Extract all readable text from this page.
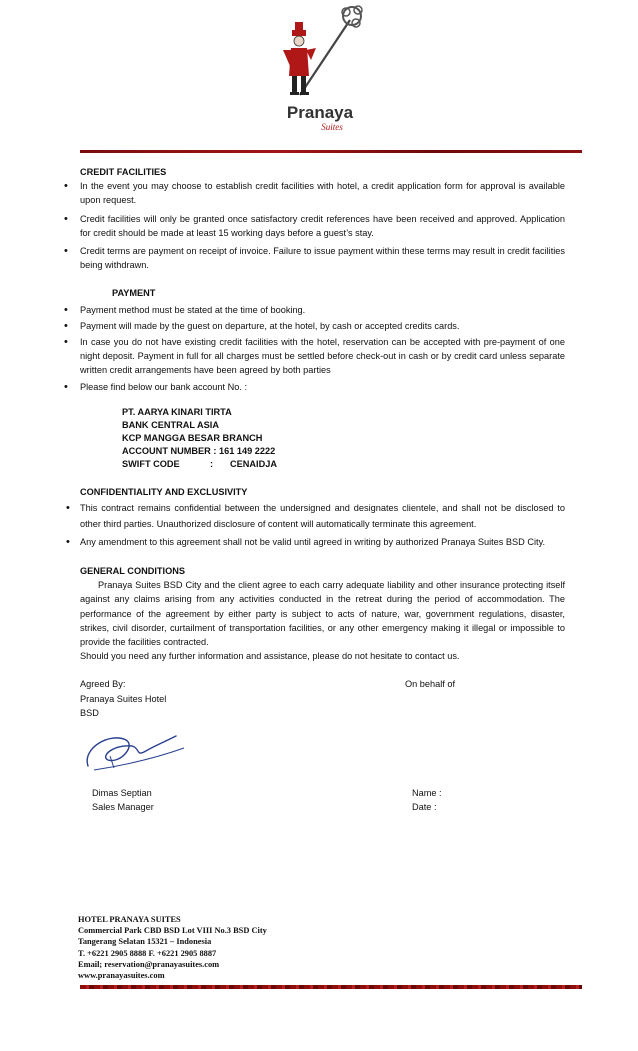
Pranaya
Suites
CREDIT FACILITIES
• In the event you may choose to establish credit facilities with hotel, a credit application form for approval is available upon request.
• Credit facilities will only be granted once satisfactory credit references have been received and approved. Application for credit should be made at least 15 working days before a guest’s stay.
• Credit terms are payment on receipt of invoice. Failure to issue payment within these terms may result in credit facilities being withdrawn.
PAYMENT
• Payment method must be stated at the time of booking.
• Payment will made by the guest on departure, at the hotel, by cash or accepted credits cards.
• In case you do not have existing credit facilities with the hotel, reservation can be accepted with pre-payment of one night deposit. Payment in full for all charges must be settled before check-out in cash or by credit card unless separate written credit arrangements have been agreed by both parties
• Please find below our bank account No. :
PT. AARYA KINARI TIRTA
BANK CENTRAL ASIA
KCP MANGGA BESAR BRANCH
ACCOUNT NUMBER : 161 149 2222
SWIFT CODE	: CENAIDJA
CONFIDENTIALITY AND EXCLUSIVITY
• This contract remains confidential between the undersigned and designates clientele, and shall not be disclosed to other third parties. Unauthorized disclosure of content will automatically terminate this agreement.
• Any amendment to this agreement shall not be valid until agreed in writing by authorized Pranaya Suites BSD City.
GENERAL CONDITIONS

Pranaya Suites BSD City and the client agree to each carry adequate liability and other insurance protecting itself against any claims arising from any activities conducted in the retreat during the period of accommodation. The performance of the agreement by either party is subject to acts of nature, war, government regulations, disaster, strikes, civil disorder, curtailment of transportation facilities, or any other emergency making it illegal or impossible to provide the facilities contracted.

Should you need any further information and assistance, please do not hesitate to contact us.

Agreed By:
Pranaya Suites Hotel
BSD
On behalf of
Dimas Septian
Sales Manager
Name :
Date :
HOTEL PRANAYA SUITES
Commercial Park CBD BSD Lot VIII No.3 BSD City
Tangerang Selatan 15321 – Indonesia
T. +6221 2905 8888 F. +6221 2905 8887
Email; reservation@pranayasuites.com
www.pranayasuites.com
